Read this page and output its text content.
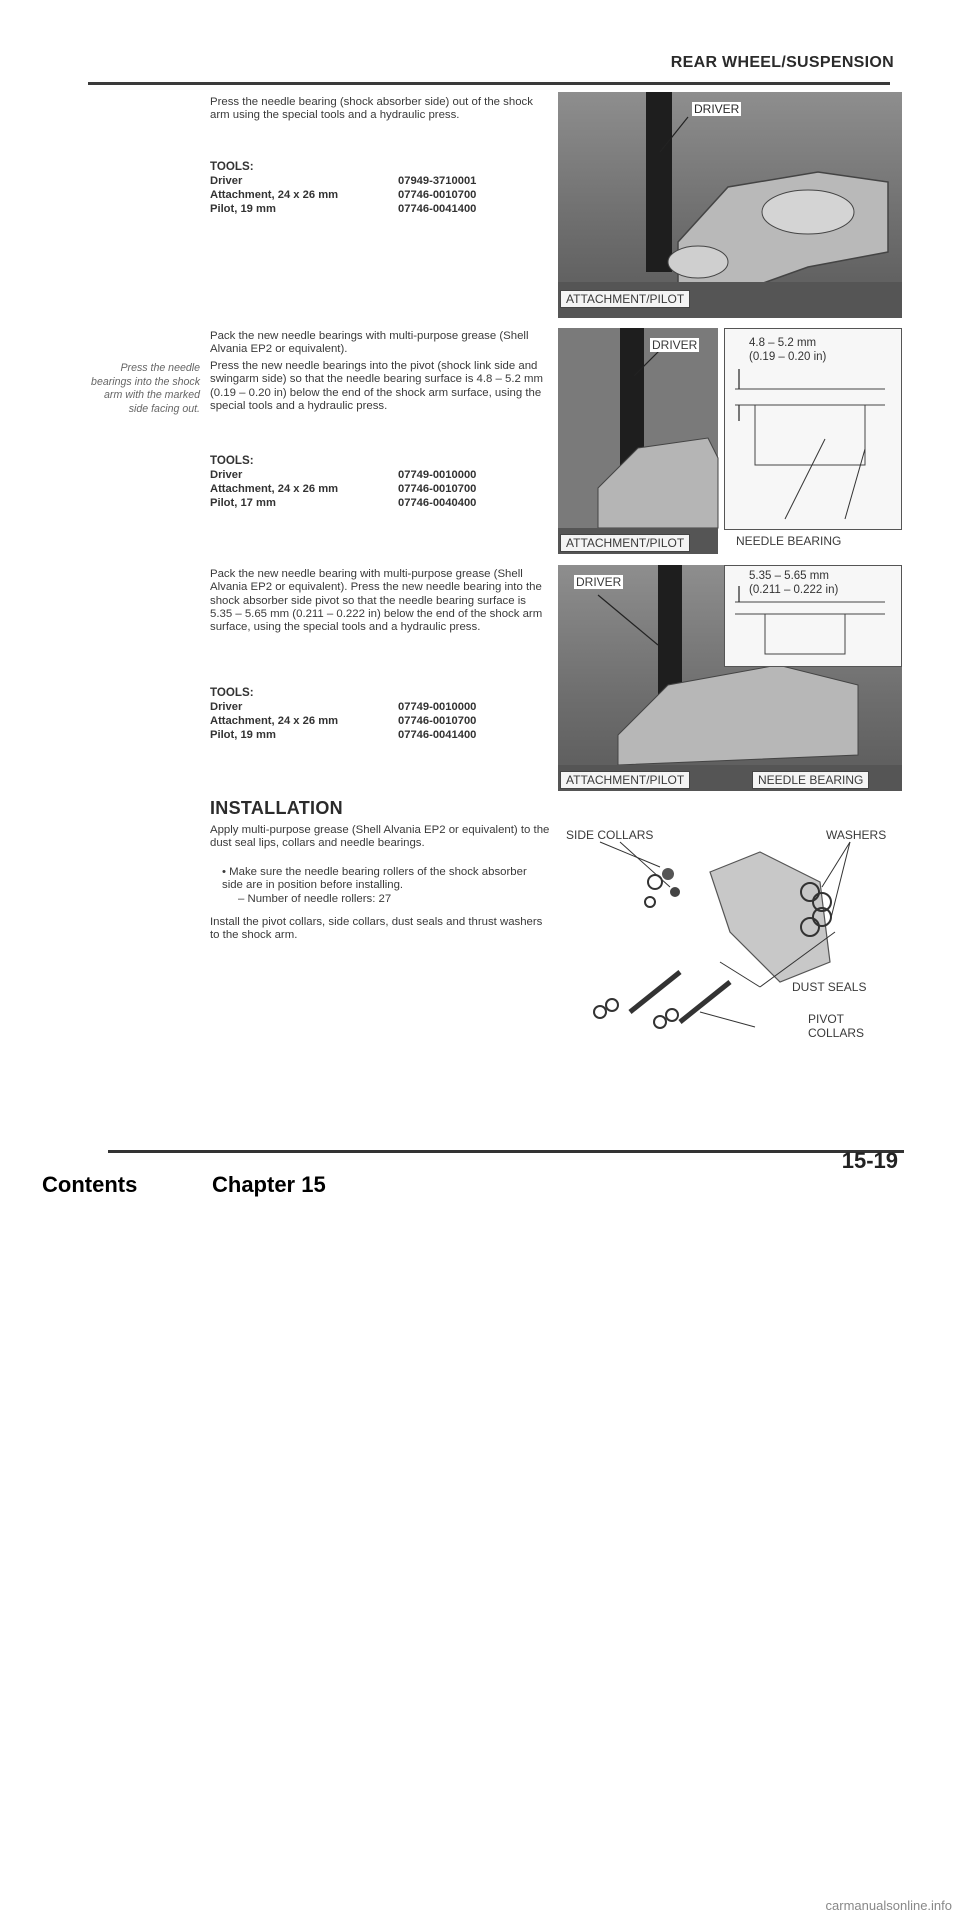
REAR WHEEL/SUSPENSION
Press the needle bearing (shock absorber side) out of the shock arm using the special tools and a hydraulic press.
TOOLS:
Driver	07949-3710001
Attachment, 24 x 26 mm	07746-0010700
Pilot, 19 mm	07746-0041400
DRIVER
ATTACHMENT/PILOT
Pack the new needle bearings with multi-purpose grease (Shell Alvania EP2 or equivalent).
Press the new needle bearings into the pivot (shock link side and swingarm side) so that the needle bearing surface is 4.8 – 5.2 mm (0.19 – 0.20 in) below the end of the shock arm surface, using the special tools and a hydraulic press.
Press the needle bearings into the shock arm with the marked side facing out.
TOOLS:
Driver	07749-0010000
Attachment, 24 x 26 mm	07746-0010700
Pilot, 17 mm	07746-0040400
DRIVER	4.8 – 5.2 mm
(0.19 – 0.20 in)
ATTACHMENT/PILOT	NEEDLE BEARING
Pack the new needle bearing with multi-purpose grease (Shell Alvania EP2 or equivalent). Press the new needle bearing into the shock absorber side pivot so that the needle bearing surface is 5.35 – 5.65 mm (0.211 – 0.222 in) below the end of the shock arm surface, using the special tools and a hydraulic press.
TOOLS:
Driver	07749-0010000
Attachment, 24 x 26 mm	07746-0010700
Pilot, 19 mm	07746-0041400
DRIVER	5.35 – 5.65 mm
(0.211 – 0.222 in)
ATTACHMENT/PILOT	NEEDLE BEARING
INSTALLATION
Apply multi-purpose grease (Shell Alvania EP2 or equivalent) to the dust seal lips, collars and needle bearings.
• Make sure the needle bearing rollers of the shock absorber side are in position before installing.
– Number of needle rollers: 27
Install the pivot collars, side collars, dust seals and thrust washers to the shock arm.
SIDE COLLARS	WASHERS
DUST SEALS
PIVOT
COLLARS
15-19
Contents	Chapter 15
carmanualsonline.info
